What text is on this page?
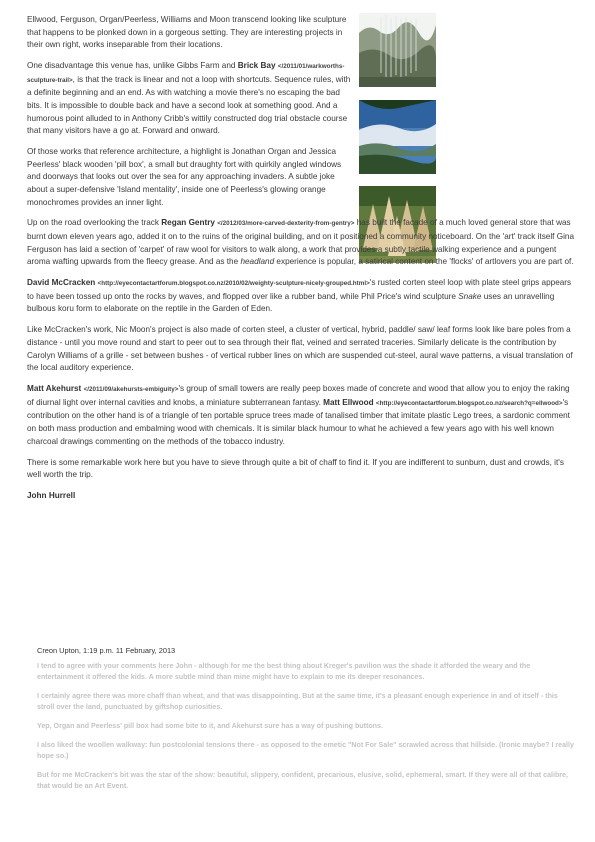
Ellwood, Ferguson, Organ/Peerless, Williams and Moon transcend looking like sculpture that happens to be plonked down in a gorgeous setting. They are interesting projects in their own right, works inseparable from their locations.

One disadvantage this venue has, unlike Gibbs Farm and Brick Bay </2011/01/warkworths-sculpture-trail>, is that the track is linear and not a loop with shortcuts. Sequence rules, with a definite beginning and an end. As with watching a movie there's no escaping the bad bits. It is impossible to double back and have a second look at something good. And a humorous point alluded to in Anthony Cribb's wittily constructed dog trial obstacle course that many visitors have a go at. Forward and onward.

Of those works that reference architecture, a highlight is Jonathan Organ and Jessica Peerless' black wooden 'pill box', a small but draughty fort with quirkily angled windows and doorways that looks out over the sea for any approaching invaders. A subtle joke about a super-defensive 'Island mentality', inside one of Peerless's glowing orange monochromes provides an inner light.

Up on the road overlooking the track Regan Gentry </2012/03/more-carved-dexterity-from-gentry> has built the facade of a much loved general store that was burnt down eleven years ago, added it on to the ruins of the original building, and on it positioned a community noticeboard. On the 'art' track itself Gina Ferguson has laid a section of 'carpet' of raw wool for visitors to walk along, a work that provides a subtly tactile walking experience and a pungent aroma wafting upwards from the fleecy grease. And as the headland experience is popular, a satirical content on the 'flocks' of artlovers you are part of.

David McCracken <http://eyecontactartforum.blogspot.co.nz/2010/02/weighty-sculpture-nicely-grouped.html>'s rusted corten steel loop with plate steel grips appears to have been tossed up onto the rocks by waves, and flopped over like a rubber band, while Phil Price's wind sculpture Snake uses an unravelling bulbous koru form to elaborate on the reptile in the Garden of Eden.

Like McCracken's work, Nic Moon's project is also made of corten steel, a cluster of vertical, hybrid, paddle/ saw/ leaf forms look like bare poles from a distance - until you move round and start to peer out to sea through their flat, veined and serrated traceries. Similarly delicate is the contribution by Carolyn Williams of a grille - set between bushes - of vertical rubber lines on which are suspended cut-steel, aural wave patterns, a visual translation of the local auditory experience.

Matt Akehurst </2011/09/akehursts-embiguity>'s group of small towers are really peep boxes made of concrete and wood that allow you to enjoy the raking of diurnal light over internal cavities and knobs, a miniature subterranean fantasy. Matt Ellwood <http://eyecontactartforum.blogspot.co.nz/search?q=ellwood>'s contribution on the other hand is of a triangle of ten portable spruce trees made of tanalised timber that imitate plastic Lego trees, a sardonic comment on both mass production and embalming wood with chemicals. It is similar black humour to what he achieved a few years ago with his well known charcoal drawings commenting on the methods of the tobacco industry.

There is some remarkable work here but you have to sieve through quite a bit of chaff to find it. If you are indifferent to sunburn, dust and crowds, it's well worth the trip.

John Hurrell
Creon Upton, 1:19 p.m. 11 February, 2013

I tend to agree with your comments here John - although for me the best thing about Kreger's pavilion was the shade it afforded the weary and the entertainment it offered the kids. A more subtle mind than mine might have to explain to me its deeper resonances.

I certainly agree there was more chaff than wheat, and that was disappointing. But at the same time, it's a pleasant enough experience in and of itself - this stroll over the land, punctuated by giftshop curiosities.

Yep, Organ and Peerless' pill box had some bite to it, and Akehurst sure has a way of pushing buttons.

I also liked the woollen walkway: fun postcolonial tensions there - as opposed to the emetic "Not For Sale" scrawled across that hillside. (Ironic maybe? I really hope so.)

But for me McCracken's bit was the star of the show: beautiful, slippery, confident, precarious, elusive, solid, ephemeral, smart. If they were all of that calibre, that would be an Art Event.
